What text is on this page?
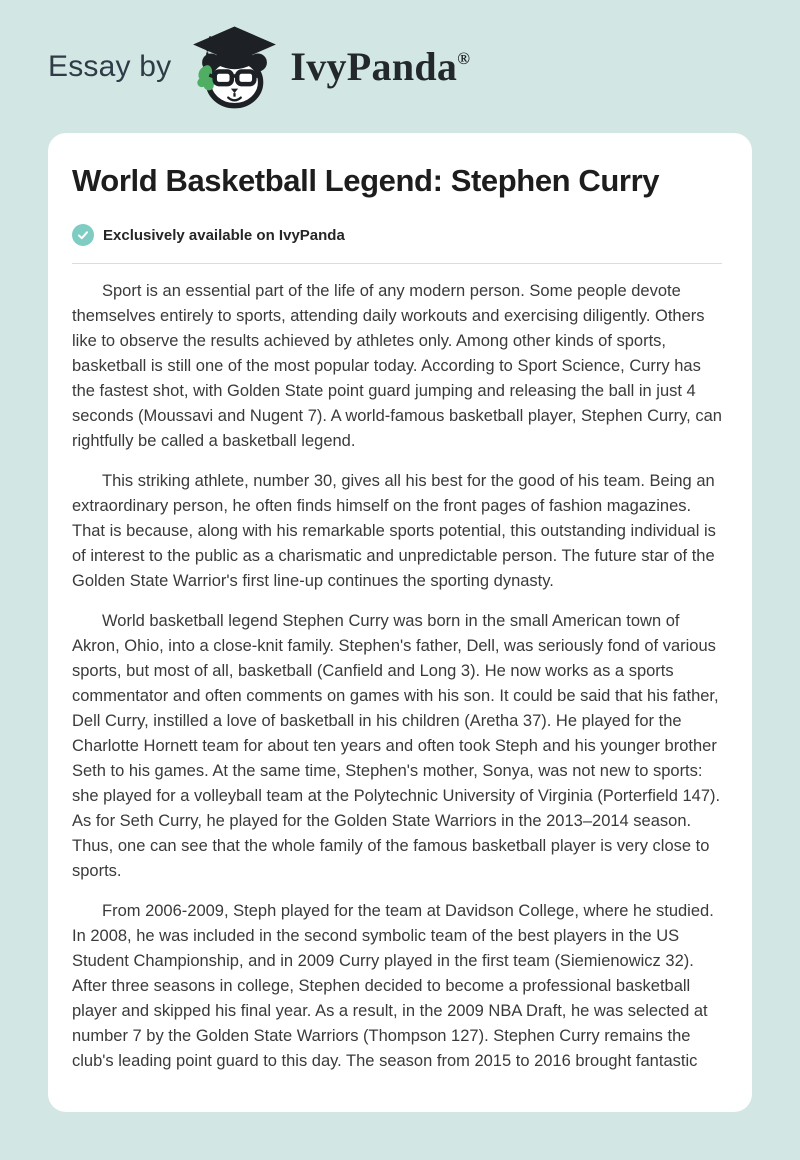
Essay by	IvyPanda®
World Basketball Legend: Stephen Curry
Exclusively available on IvyPanda

Sport is an essential part of the life of any modern person. Some people devote themselves entirely to sports, attending daily workouts and exercising diligently. Others like to observe the results achieved by athletes only. Among other kinds of sports, basketball is still one of the most popular today. According to Sport Science, Curry has the fastest shot, with Golden State point guard jumping and releasing the ball in just 4 seconds (Moussavi and Nugent 7). A world-famous basketball player, Stephen Curry, can rightfully be called a basketball legend.

This striking athlete, number 30, gives all his best for the good of his team. Being an extraordinary person, he often finds himself on the front pages of fashion magazines. That is because, along with his remarkable sports potential, this outstanding individual is of interest to the public as a charismatic and unpredictable person. The future star of the Golden State Warrior's first line-up continues the sporting dynasty.

World basketball legend Stephen Curry was born in the small American town of Akron, Ohio, into a close-knit family. Stephen's father, Dell, was seriously fond of various sports, but most of all, basketball (Canfield and Long 3). He now works as a sports commentator and often comments on games with his son. It could be said that his father, Dell Curry, instilled a love of basketball in his children (Aretha 37). He played for the Charlotte Hornett team for about ten years and often took Steph and his younger brother Seth to his games. At the same time, Stephen's mother, Sonya, was not new to sports: she played for a volleyball team at the Polytechnic University of Virginia (Porterfield 147). As for Seth Curry, he played for the Golden State Warriors in the 2013–2014 season. Thus, one can see that the whole family of the famous basketball player is very close to sports.

From 2006-2009, Steph played for the team at Davidson College, where he studied. In 2008, he was included in the second symbolic team of the best players in the US Student Championship, and in 2009 Curry played in the first team (Siemienowicz 32). After three seasons in college, Stephen decided to become a professional basketball player and skipped his final year. As a result, in the 2009 NBA Draft, he was selected at number 7 by the Golden State Warriors (Thompson 127). Stephen Curry remains the club's leading point guard to this day. The season from 2015 to 2016 brought fantastic
